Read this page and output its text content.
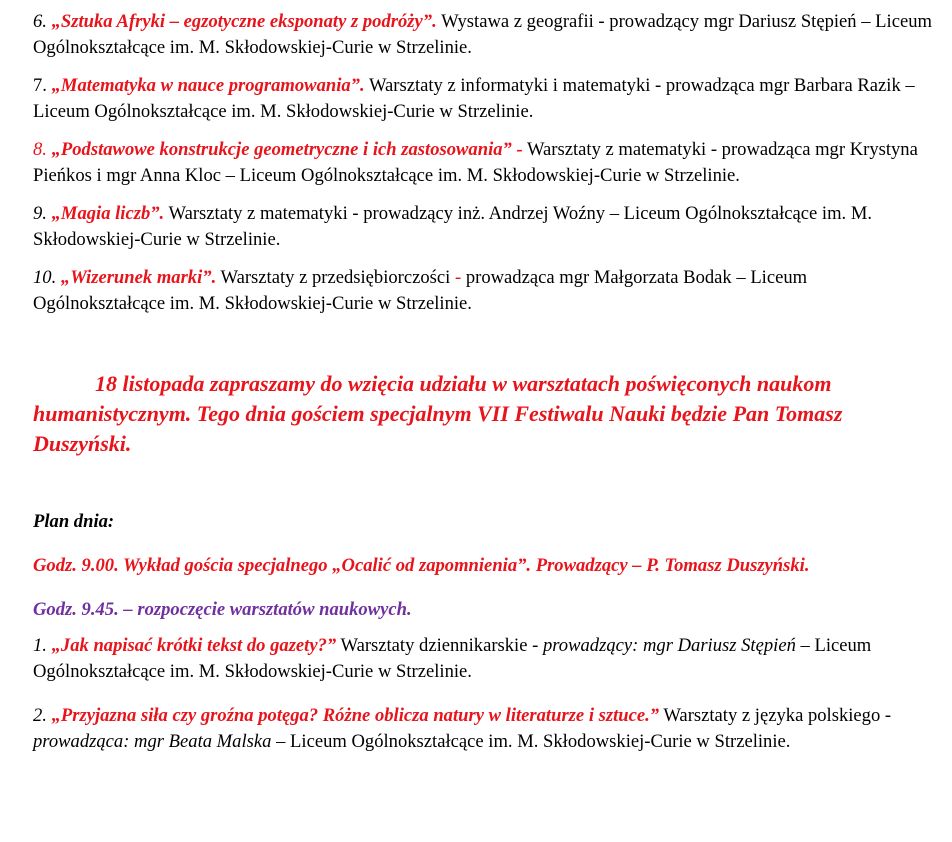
6. „Sztuka Afryki – egzotyczne eksponaty z podróży”. Wystawa z geografii - prowadzący mgr Dariusz Stępień – Liceum Ogólnokształcące im. M. Skłodowskiej-Curie w Strzelinie.

7. „Matematyka w nauce programowania”. Warsztaty z informatyki i matematyki - prowadząca mgr Barbara Razik – Liceum Ogólnokształcące im. M. Skłodowskiej-Curie w Strzelinie.

8. „Podstawowe konstrukcje geometryczne i ich zastosowania” - Warsztaty z matematyki - prowadząca mgr Krystyna Pieńkos i mgr Anna Kloc – Liceum Ogólnokształcące im. M. Skłodowskiej-Curie w Strzelinie.

9. „Magia liczb”. Warsztaty z matematyki - prowadzący inż. Andrzej Woźny – Liceum Ogólnokształcące im. M. Skłodowskiej-Curie w Strzelinie.

10. „Wizerunek marki”. Warsztaty z przedsiębiorczości - prowadząca mgr Małgorzata Bodak – Liceum Ogólnokształcące im. M. Skłodowskiej-Curie w Strzelinie.

18 listopada zapraszamy do wzięcia udziału w warsztatach poświęconych naukom humanistycznym. Tego dnia gościem specjalnym VII Festiwalu Nauki będzie Pan Tomasz Duszyński.

Plan dnia:

Godz. 9.00. Wykład gościa specjalnego „Ocalić od zapomnienia”. Prowadzący – P. Tomasz Duszyński.

Godz. 9.45. – rozpoczęcie warsztatów naukowych.

1. „Jak napisać krótki tekst do gazety?” Warsztaty dziennikarskie - prowadzący: mgr Dariusz Stępień – Liceum Ogólnokształcące im. M. Skłodowskiej-Curie w Strzelinie.

2. „Przyjazna siła czy groźna potęga? Różne oblicza natury w literaturze i sztuce.” Warsztaty z języka polskiego - prowadząca: mgr Beata Malska – Liceum Ogólnokształcące im. M. Skłodowskiej-Curie w Strzelinie.
